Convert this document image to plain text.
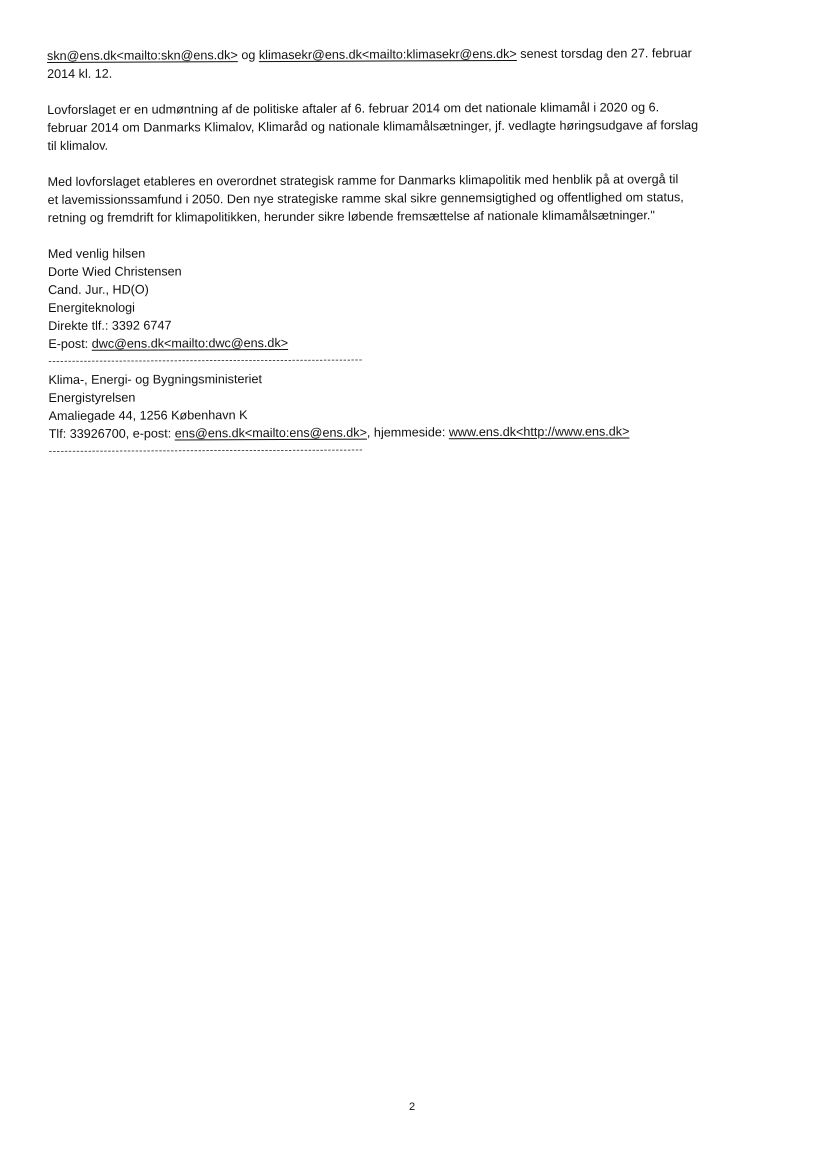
skn@ens.dk<mailto:skn@ens.dk> og klimasekr@ens.dk<mailto:klimasekr@ens.dk> senest torsdag den 27. februar
2014 kl. 12.

Lovforslaget er en udmøntning af de politiske aftaler af 6. februar 2014 om det nationale klimamål i 2020 og 6.
februar 2014 om Danmarks Klimalov, Klimaråd og nationale klimamålsætninger, jf. vedlagte høringsudgave af forslag
til klimalov.

Med lovforslaget etableres en overordnet strategisk ramme for Danmarks klimapolitik med henblik på at overgå til
et lavemissionssamfund i 2050. Den nye strategiske ramme skal sikre gennemsigtighed og offentlighed om status,
retning og fremdrift for klimapolitikken, herunder sikre løbende fremsættelse af nationale klimamålsætninger."

Med venlig hilsen
Dorte Wied Christensen
Cand. Jur., HD(O)
Energiteknologi
Direkte tlf.: 3392 6747
E-post: dwc@ens.dk<mailto:dwc@ens.dk>
--------------------------------------------------------------------------------
Klima-, Energi- og Bygningsministeriet
Energistyrelsen
Amaliegade 44, 1256 København K
Tlf: 33926700, e-post: ens@ens.dk<mailto:ens@ens.dk>, hjemmeside: www.ens.dk<http://www.ens.dk>
--------------------------------------------------------------------------------
2
